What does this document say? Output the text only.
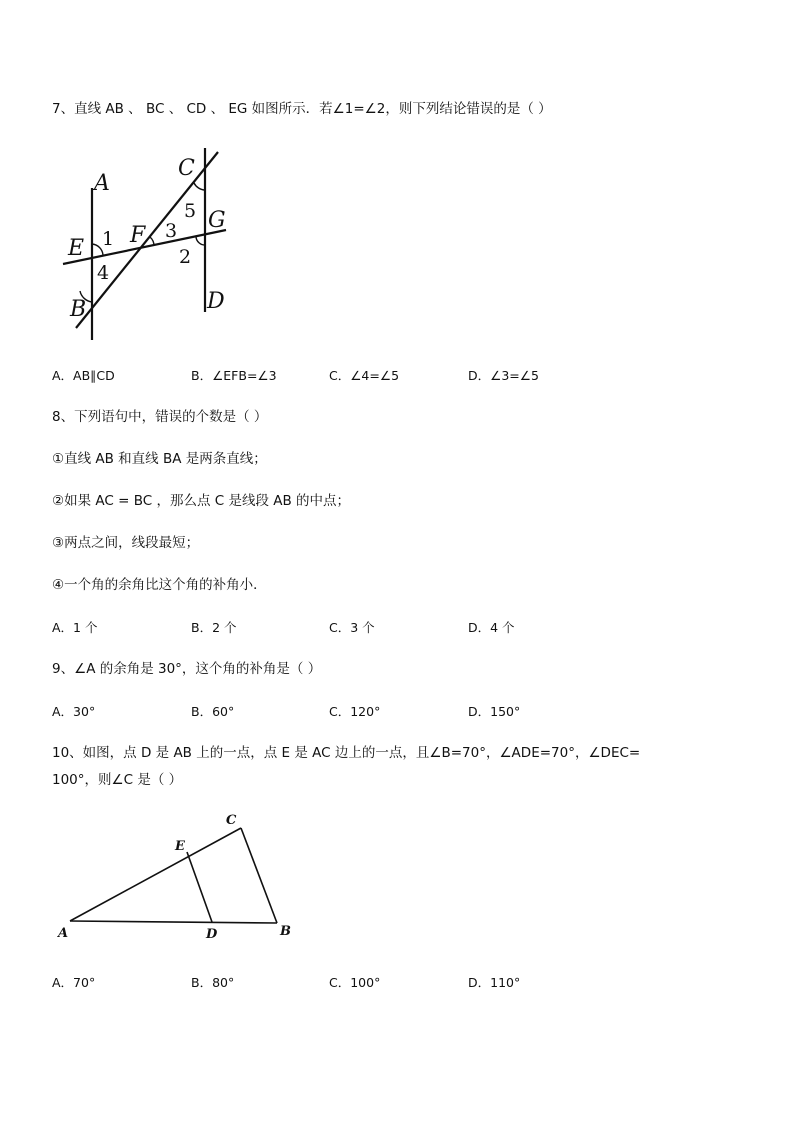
7、直线 AB 、 BC 、 CD 、 EG 如图所示．若∠1=∠2，则下列结论错误的是（ ）
A
B
C
D
E
F
G
1
2
3
4
5
A．AB∥CD	B．∠EFB=∠3	C．∠4=∠5	D．∠3=∠5
8、下列语句中，错误的个数是（ ）
①直线 AB 和直线 BA 是两条直线；
②如果 AC = BC ，那么点 C 是线段 AB 的中点；
③两点之间，线段最短；
④一个角的余角比这个角的补角小．
A．1 个	B．2 个	C．3 个	D．4 个
9、∠A 的余角是 30°，这个角的补角是（ ）
A．30°	B．60°	C．120°	D．150°
10、如图，点 D 是 AB 上的一点，点 E 是 AC 边上的一点，且∠B=70°，∠ADE=70°，∠DEC=
100°，则∠C 是（ ）
A	B
C
D
E
A．70°	B．80°	C．100°	D．110°
